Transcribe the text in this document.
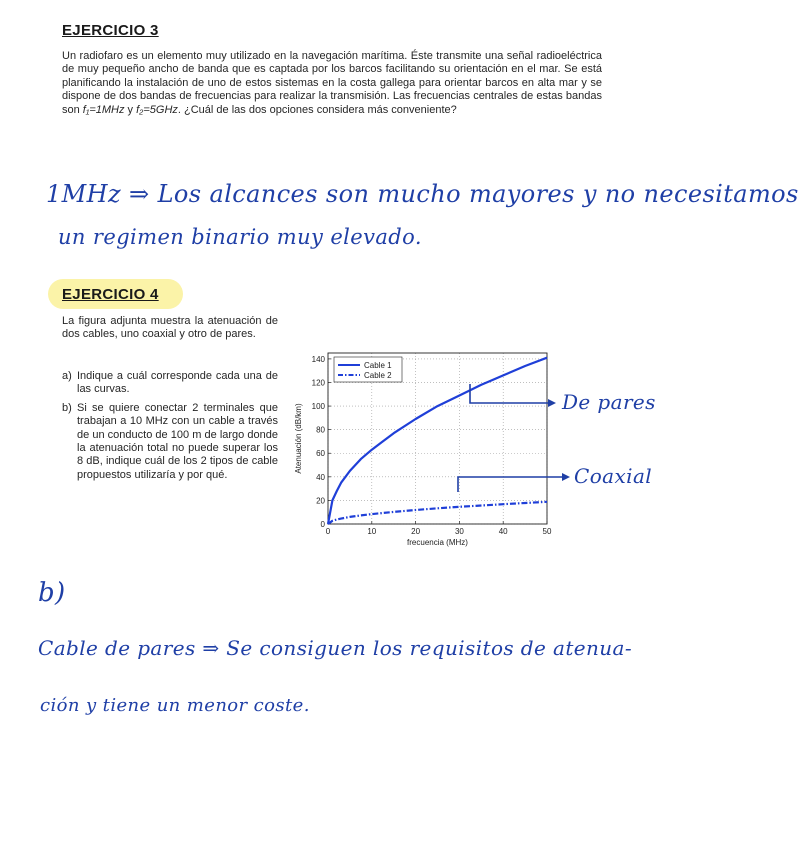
EJERCICIO 3
Un radiofaro es un elemento muy utilizado en la navegación marítima. Éste transmite una señal radioeléctrica de muy pequeño ancho de banda que es captada por los barcos facilitando su orientación en el mar. Se está planificando la instalación de uno de estos sistemas en la costa gallega para orientar barcos en alta mar y se dispone de dos bandas de frecuencias para realizar la transmisión. Las frecuencias centrales de estas bandas son f₁=1MHz y f₂=5GHz. ¿Cuál de las dos opciones considera más conveniente?
1MHz ⇒ Los alcances son mucho mayores y no necesitamos
un regimen binario muy elevado.
EJERCICIO 4
La figura adjunta muestra la atenuación de dos cables, uno coaxial y otro de pares.
a) Indique a cuál corresponde cada una de las curvas.
b) Si se quiere conectar 2 terminales que trabajan a 10 MHz con un cable a través de un conducto de 100 m de largo donde la atenuación total no puede superar los 8 dB, indique cuál de los 2 tipos de cable propuestos utilizaría y por qué.
0	10	20	30	40	50
0
20
40
60
80
100
120
140
frecuencia (MHz)
Atenuación (dB/km)
Cable 1
Cable 2
De pares
Coaxial
b)
Cable de pares ⇒ Se consiguen los requisitos de atenua-
ción y tiene un menor coste.
